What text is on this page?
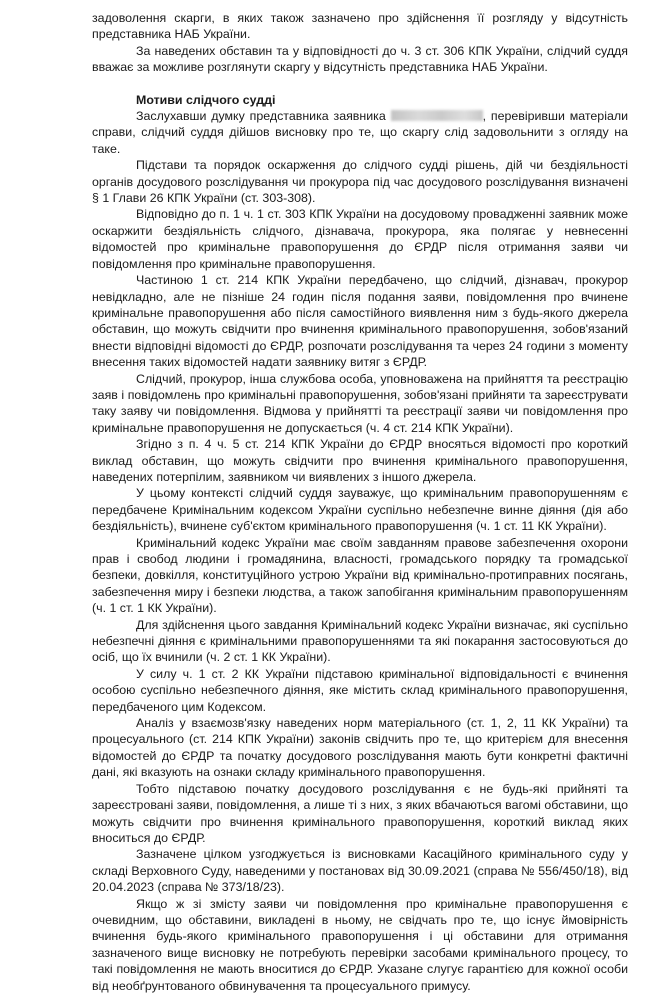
задоволення скарги, в яких також зазначено про здійснення її розгляду у відсутність представника НАБ України.

За наведених обставин та у відповідності до ч. 3 ст. 306 КПК України, слідчий суддя вважає за можливе розглянути скаргу у відсутність представника НАБ України.

Мотиви слідчого судді

Заслухавши думку представника заявника	, перевіривши матеріали справи, слідчий суддя дійшов висновку про те, що скаргу слід задовольнити з огляду на таке.

Підстави та порядок оскарження до слідчого судді рішень, дій чи бездіяльності органів досудового розслідування чи прокурора під час досудового розслідування визначені § 1 Глави 26 КПК України (ст. 303-308).

Відповідно до п. 1 ч. 1 ст. 303 КПК України на досудовому провадженні заявник може оскаржити бездіяльність слідчого, дізнавача, прокурора, яка полягає у невнесенні відомостей про кримінальне правопорушення до ЄРДР після отримання заяви чи повідомлення про кримінальне правопорушення.

Частиною 1 ст. 214 КПК України передбачено, що слідчий, дізнавач, прокурор невідкладно, але не пізніше 24 годин після подання заяви, повідомлення про вчинене кримінальне правопорушення або після самостійного виявлення ним з будь-якого джерела обставин, що можуть свідчити про вчинення кримінального правопорушення, зобов'язаний внести відповідні відомості до ЄРДР, розпочати розслідування та через 24 години з моменту внесення таких відомостей надати заявнику витяг з ЄРДР.

Слідчий, прокурор, інша службова особа, уповноважена на прийняття та реєстрацію заяв і повідомлень про кримінальні правопорушення, зобов'язані прийняти та зареєструвати таку заяву чи повідомлення. Відмова у прийнятті та реєстрації заяви чи повідомлення про кримінальне правопорушення не допускається (ч. 4 ст. 214 КПК України).

Згідно з п. 4 ч. 5 ст. 214 КПК України до ЄРДР вносяться відомості про короткий виклад обставин, що можуть свідчити про вчинення кримінального правопорушення, наведених потерпілим, заявником чи виявлених з іншого джерела.

У цьому контексті слідчий суддя зауважує, що кримінальним правопорушенням є передбачене Кримінальним кодексом України суспільно небезпечне винне діяння (дія або бездіяльність), вчинене суб'єктом кримінального правопорушення (ч. 1 ст. 11 КК України).

Кримінальний кодекс України має своїм завданням правове забезпечення охорони прав і свобод людини і громадянина, власності, громадського порядку та громадської безпеки, довкілля, конституційного устрою України від кримінально-протиправних посягань, забезпечення миру і безпеки людства, а також запобігання кримінальним правопорушенням (ч. 1 ст. 1 КК України).

Для здійснення цього завдання Кримінальний кодекс України визначає, які суспільно небезпечні діяння є кримінальними правопорушеннями та які покарання застосовуються до осіб, що їх вчинили (ч. 2 ст. 1 КК України).

У силу ч. 1 ст. 2 КК України підставою кримінальної відповідальності є вчинення особою суспільно небезпечного діяння, яке містить склад кримінального правопорушення, передбаченого цим Кодексом.

Аналіз у взаємозв'язку наведених норм матеріального (ст. 1, 2, 11 КК України) та процесуального (ст. 214 КПК України) законів свідчить про те, що критерієм для внесення відомостей до ЄРДР та початку досудового розслідування мають бути конкретні фактичні дані, які вказують на ознаки складу кримінального правопорушення.

Тобто підставою початку досудового розслідування є не будь-які прийняті та зареєстровані заяви, повідомлення, а лише ті з них, з яких вбачаються вагомі обставини, що можуть свідчити про вчинення кримінального правопорушення, короткий виклад яких вноситься до ЄРДР.

Зазначене цілком узгоджується із висновками Касаційного кримінального суду у складі Верховного Суду, наведеними у постановах від 30.09.2021 (справа № 556/450/18), від 20.04.2023 (справа № 373/18/23).

Якщо ж зі змісту заяви чи повідомлення про кримінальне правопорушення є очевидним, що обставини, викладені в ньому, не свідчать про те, що існує ймовірність вчинення будь-якого кримінального правопорушення і ці обставини для отримання зазначеного вище висновку не потребують перевірки засобами кримінального процесу, то такі повідомлення не мають вноситися до ЄРДР. Указане слугує гарантією для кожної особи від необґрунтованого обвинувачення та процесуального примусу.
